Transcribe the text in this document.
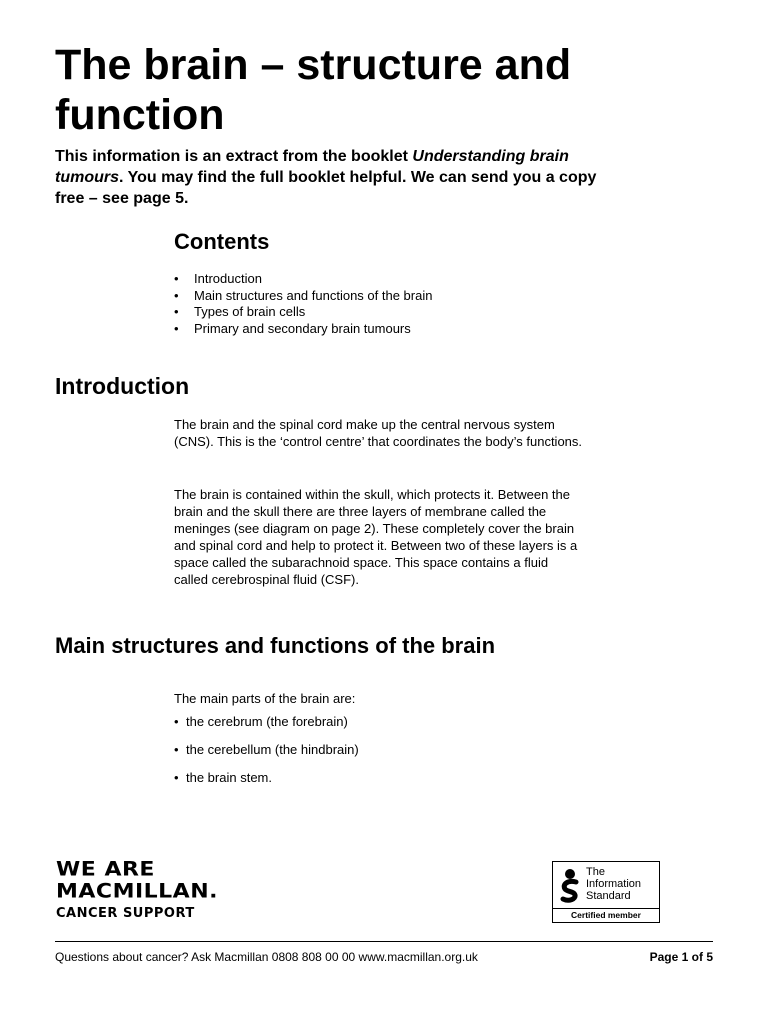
The brain – structure and function
This information is an extract from the booklet Understanding brain tumours. You may find the full booklet helpful. We can send you a copy free – see page 5.
Contents
• Introduction
• Main structures and functions of the brain
• Types of brain cells
• Primary and secondary brain tumours
Introduction

The brain and the spinal cord make up the central nervous system (CNS). This is the ‘control centre’ that coordinates the body’s functions.

The brain is contained within the skull, which protects it. Between the brain and the skull there are three layers of membrane called the meninges (see diagram on page 2). These completely cover the brain and spinal cord and help to protect it. Between two of these layers is a space called the subarachnoid space. This space contains a fluid called cerebrospinal fluid (CSF).

Main structures and functions of the brain

The main parts of the brain are:

• the cerebrum (the forebrain)
• the cerebellum (the hindbrain)
• the brain stem.
WE ARE
MACMILLAN.
CANCER SUPPORT
The
Information
Standard
Certified member
Questions about cancer? Ask Macmillan 0808 808 00 00 www.macmillan.org.uk	Page 1 of 5
